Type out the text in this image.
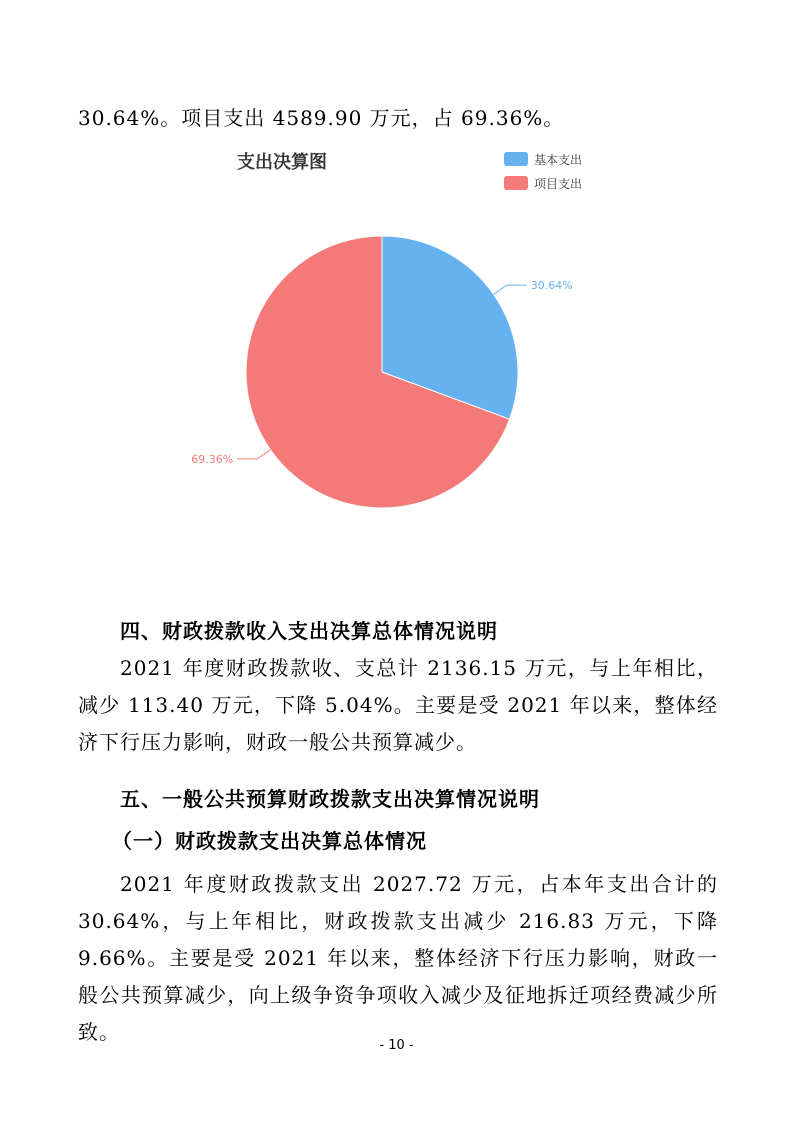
30.64%。项目支出 4589.90 万元，占 69.36%。

支出决算图	基本支出
项目支出
30.64%
69.36%

四、财政拨款收入支出决算总体情况说明

2021 年度财政拨款收、支总计 2136.15 万元，与上年相比，减少 113.40 万元，下降 5.04%。主要是受 2021 年以来，整体经济下行压力影响，财政一般公共预算减少。

五、一般公共预算财政拨款支出决算情况说明

（一）财政拨款支出决算总体情况

2021 年度财政拨款支出 2027.72 万元，占本年支出合计的 30.64%，与上年相比，财政拨款支出减少 216.83 万元，下降 9.66%。主要是受 2021 年以来，整体经济下行压力影响，财政一般公共预算减少，向上级争资争项收入减少及征地拆迁项经费减少所致。

- 10 -
